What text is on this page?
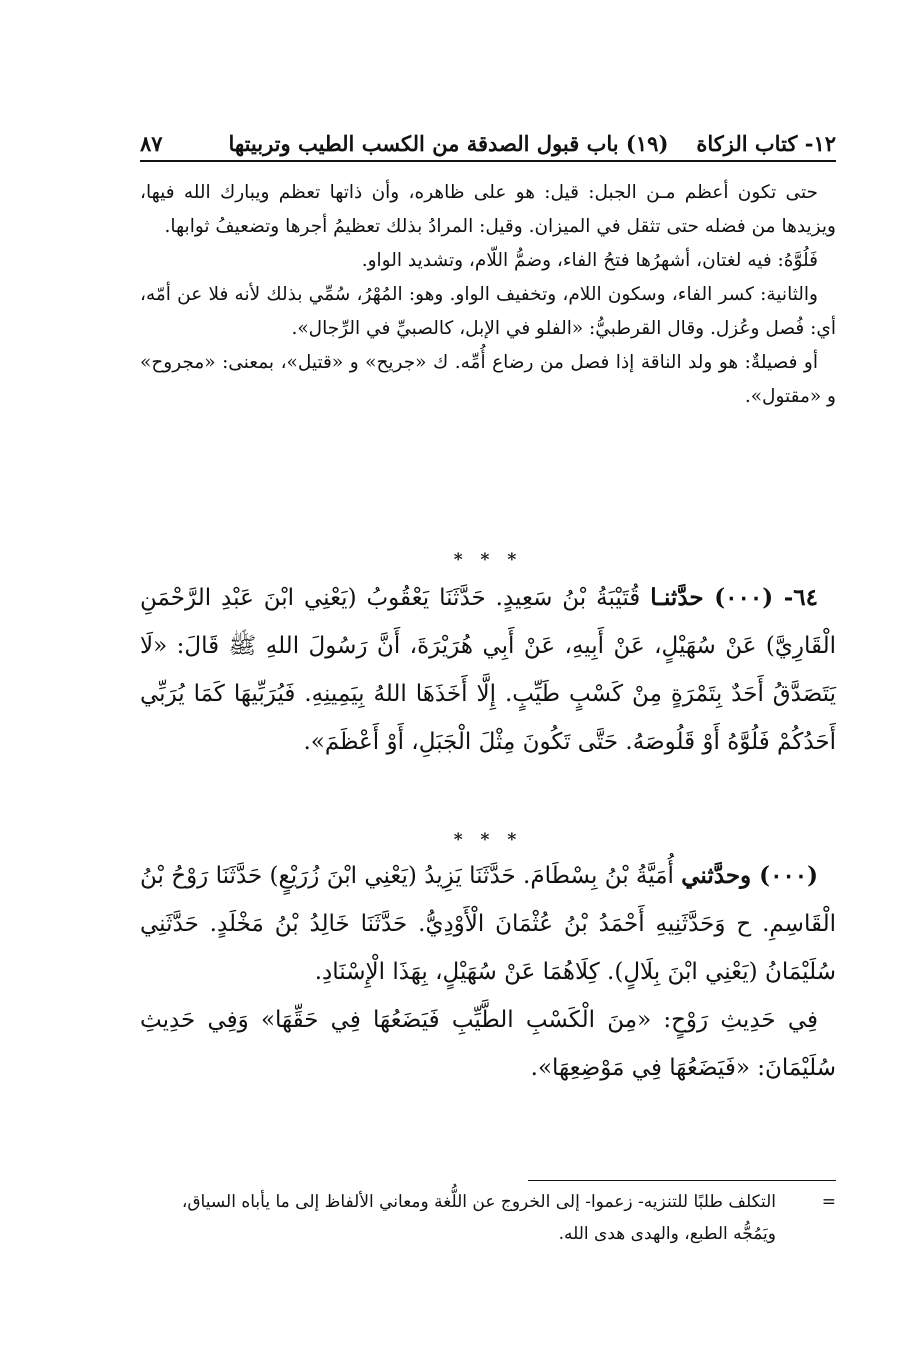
١٢- كتاب الزكاة
(١٩) باب قبول الصدقة من الكسب الطيب وتربيتها
٨٧

حتى تكون أعظم مـن الجبل: قيل: هو على ظاهره، وأن ذاتها تعظم ويبارك الله فيها، ويزيدها من فضله حتى تثقل في الميزان. وقيل: المرادُ بذلك تعظيمُ أجرها وتضعيفُ ثوابها.

فَلُوَّهُ: فيه لغتان، أشهرُها فتحُ الفاء، وضمُّ اللّام، وتشديد الواو.

والثانية: كسر الفاء، وسكون اللام، وتخفيف الواو. وهو: المُهْرُ، سُمِّي بذلك لأنه فلا عن أمّه، أي: فُصل وعُزل. وقال القرطبيُّ: «الفلو في الإبل، كالصبيِّ في الرِّجال».

أو فصيلةٌ: هو ولد الناقة إذا فصل من رضاع أُمِّه. ك «جريح» و «قتيل»، بمعنى: «مجروح» و «مقتول».

* * *

٦٤- (٠٠٠) حدَّثنـا قُتَيْبَةُ بْنُ سَعِيدٍ. حَدَّثَنَا يَعْقُوبُ (يَعْنِي ابْنَ عَبْدِ الرَّحْمَنِ الْقَارِيَّ) عَنْ سُهَيْلٍ، عَنْ أَبِيهِ، عَنْ أَبِي هُرَيْرَةَ، أَنَّ رَسُولَ اللهِ ﷺ قَالَ: «لَا يَتَصَدَّقُ أَحَدٌ بِتَمْرَةٍ مِنْ كَسْبٍ طَيِّبٍ. إِلَّا أَخَذَهَا اللهُ بِيَمِينِهِ. فَيُرَبِّيهَا كَمَا يُرَبِّي أَحَدُكُمْ فَلُوَّهُ أَوْ قَلُوصَهُ. حَتَّى تَكُونَ مِثْلَ الْجَبَلِ، أَوْ أَعْظَمَ».

* * *

(٠٠٠) وحدَّثني أُمَيَّةُ بْنُ بِسْطَامَ. حَدَّثَنَا يَزِيدُ (يَعْنِي ابْنَ زُرَيْعٍ) حَدَّثَنَا رَوْحُ بْنُ الْقَاسِمِ. ح وَحَدَّثَنِيهِ أَحْمَدُ بْنُ عُثْمَانَ الْأَوْدِيُّ. حَدَّثَنَا خَالِدُ بْنُ مَخْلَدٍ. حَدَّثَنِي سُلَيْمَانُ (يَعْنِي ابْنَ بِلَالٍ). كِلَاهُمَا عَنْ سُهَيْلٍ، بِهَذَا الْإِسْنَادِ.

فِي حَدِيثِ رَوْحٍ: «مِنَ الْكَسْبِ الطَّيِّبِ فَيَضَعُهَا فِي حَقِّهَا» وَفِي حَدِيثِ سُلَيْمَانَ: «فَيَضَعُهَا فِي مَوْضِعِهَا».

=
التكلف طلبًا للتنزيه- زعموا- إلى الخروج عن اللُّغة ومعاني الألفاظ إلى ما يأباه السياق، ويَمُجُّه الطبع، والهدى هدى الله.
